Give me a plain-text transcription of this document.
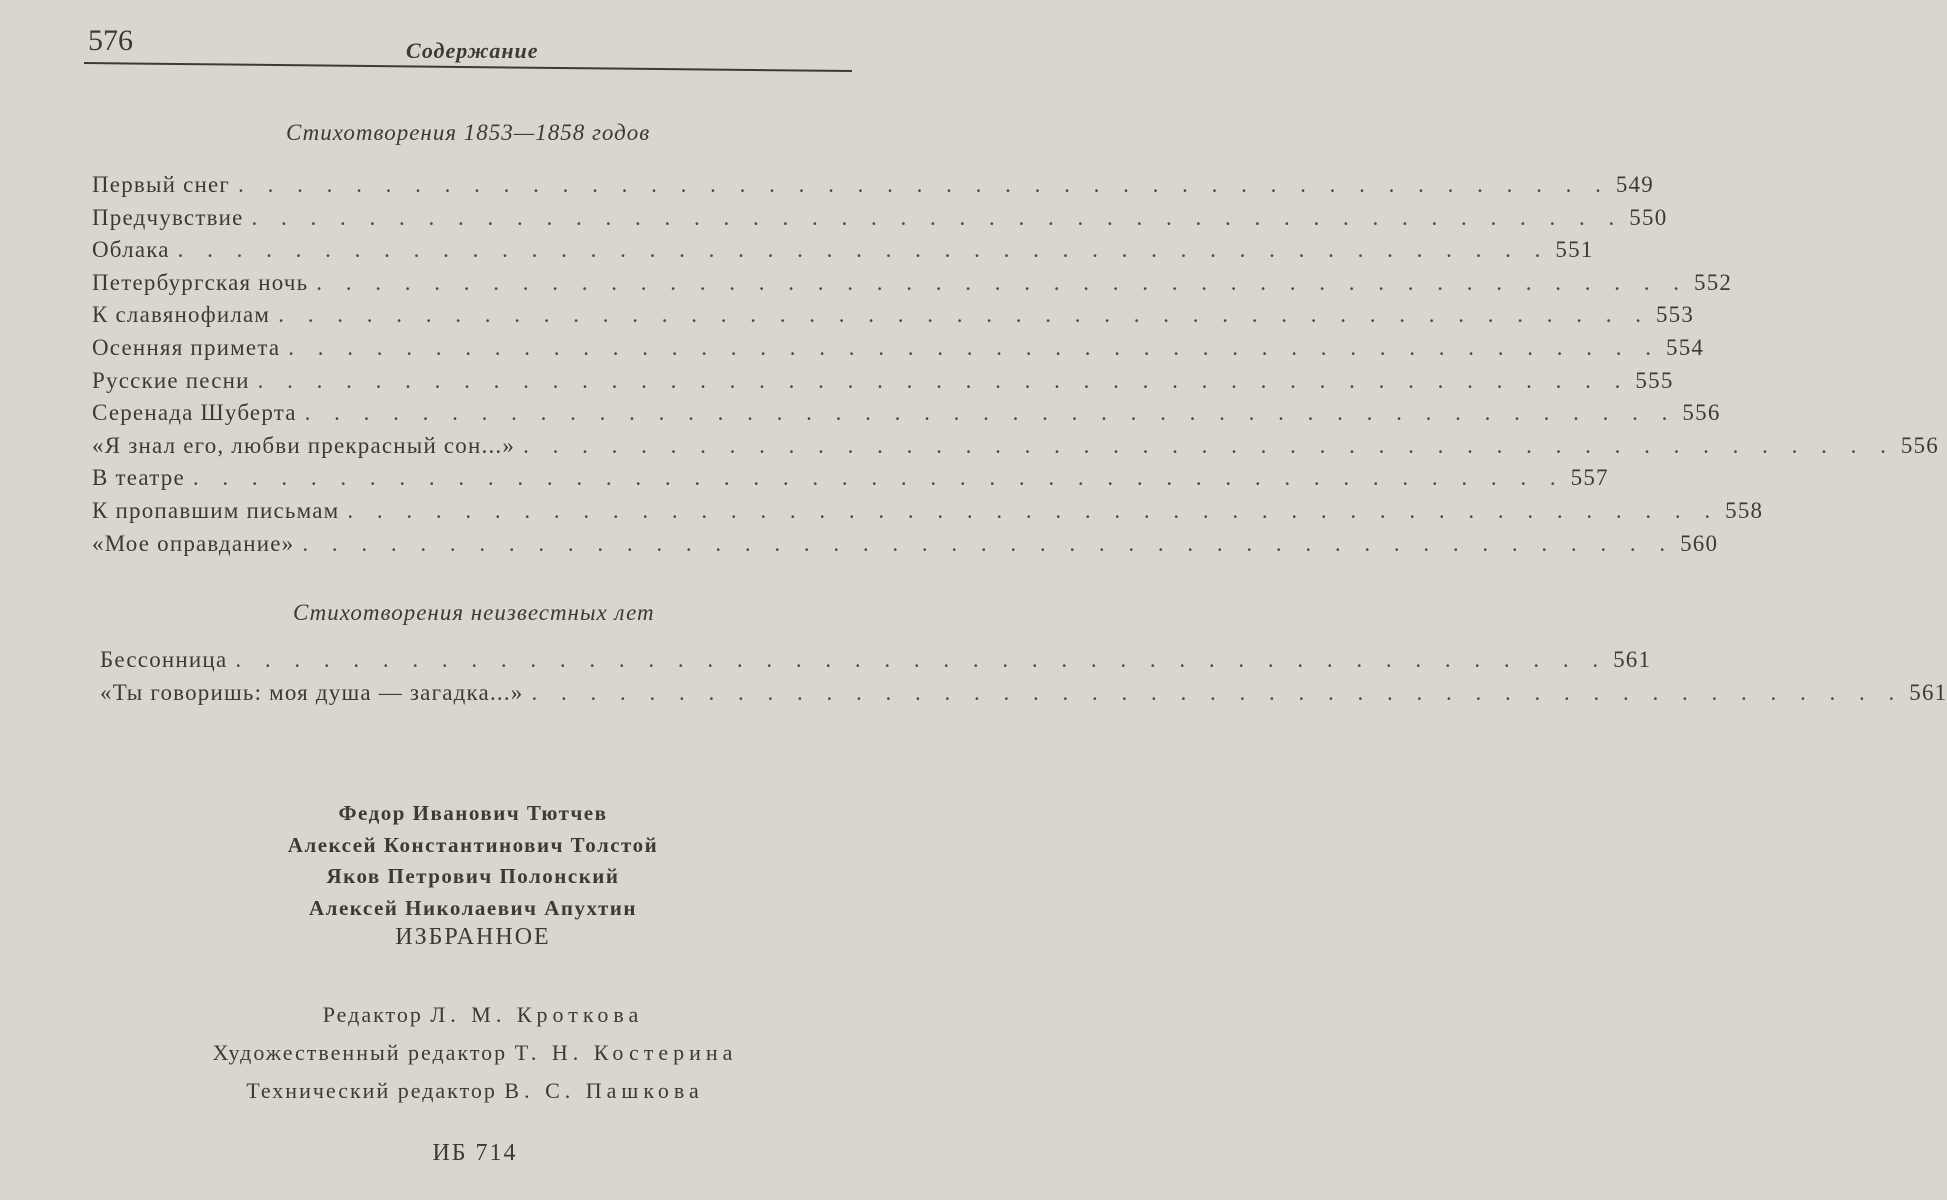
576	Содержание
Стихотворения 1853—1858 годов
Первый снег . . . . . . . . . . . . . . . . . . . . . . . . . . . . . . . . . . . . . . . . . . . . . . . 549
Предчувствие . . . . . . . . . . . . . . . . . . . . . . . . . . . . . . . . . . . . . . . . . . . . . . . 550
Облака . . . . . . . . . . . . . . . . . . . . . . . . . . . . . . . . . . . . . . . . . . . . . . . 551
Петербургская ночь . . . . . . . . . . . . . . . . . . . . . . . . . . . . . . . . . . . . . . . . . . . . . . . 552
К славянофилам . . . . . . . . . . . . . . . . . . . . . . . . . . . . . . . . . . . . . . . . . . . . . . . 553
Осенняя примета . . . . . . . . . . . . . . . . . . . . . . . . . . . . . . . . . . . . . . . . . . . . . . . 554
Русские песни . . . . . . . . . . . . . . . . . . . . . . . . . . . . . . . . . . . . . . . . . . . . . . . 555
Серенада Шуберта . . . . . . . . . . . . . . . . . . . . . . . . . . . . . . . . . . . . . . . . . . . . . . . 556
«Я знал его, любви прекрасный сон...» . . . . . . . . . . . . . . . . . . . . . . . . . . . . . . . . . . . . . . . . . . . . . . . 556
В театре . . . . . . . . . . . . . . . . . . . . . . . . . . . . . . . . . . . . . . . . . . . . . . . 557
К пропавшим письмам . . . . . . . . . . . . . . . . . . . . . . . . . . . . . . . . . . . . . . . . . . . . . . . 558
«Мое оправдание» . . . . . . . . . . . . . . . . . . . . . . . . . . . . . . . . . . . . . . . . . . . . . . . 560
Стихотворения неизвестных лет
Бессонница . . . . . . . . . . . . . . . . . . . . . . . . . . . . . . . . . . . . . . . . . . . . . . . 561
«Ты говоришь: моя душа — загадка...» . . . . . . . . . . . . . . . . . . . . . . . . . . . . . . . . . . . . . . . . . . . . . . . 561
Федор Иванович Тютчев
Алексей Константинович Толстой
Яков Петрович Полонский
Алексей Николаевич Апухтин
ИЗБРАННОЕ
Редактор Л. М. Кроткова
Художественный редактор Т. Н. Костерина
Технический редактор В. С. Пашкова
ИБ 714
